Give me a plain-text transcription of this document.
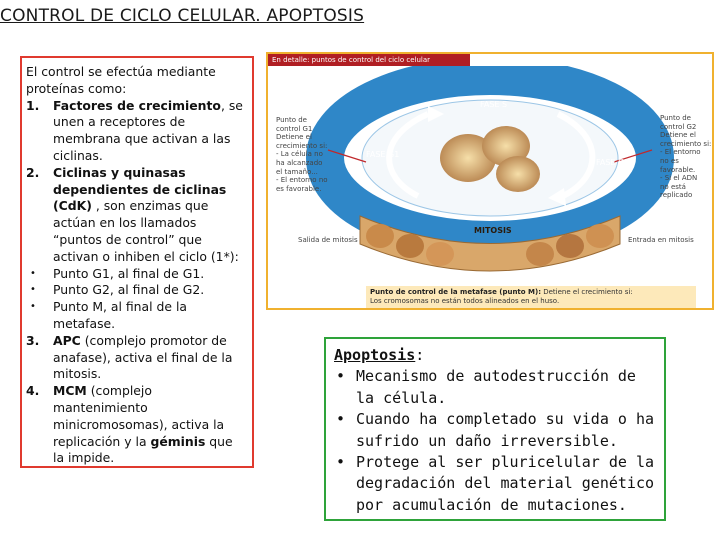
CONTROL DE CICLO CELULAR. APOPTOSIS

El control se efectúa mediante proteínas como:

1. Factores de crecimiento, se unen a receptores de membrana que activan a las ciclinas.
2. Ciclinas y quinasas dependientes de ciclinas (CdK) , son enzimas que actúan en los llamados “puntos de control” que activan o inhiben el ciclo (1*):
• Punto G1, al final de G1.
• Punto G2, al final de G2.
• Punto M, al final de la metafase.
3. APC (complejo promotor de anafase), activa el final de la mitosis.
4. MCM (complejo mantenimiento minicromosomas), activa la replicación y la géminis que la impide.
En detalle: puntos de control del ciclo celular
FASE S
FASE G1
FASE G2
MITOSIS
Punto de
control G1
Detiene el
crecimiento si:
- La célula no
ha alcanzado
el tamaño...
- El entorno no
es favorable.
Punto de
control G2
Detiene el
crecimiento si:
- El entorno
no es
favorable.
- Si el ADN
no está
replicado
Salida de mitosis	Entrada en mitosis
Punto de control de la metafase (punto M): Detiene el crecimiento si:
Los cromosomas no están todos alineados en el huso.
Apoptosis:
• Mecanismo de autodestrucción de la célula.
• Cuando ha completado su vida o ha sufrido un daño irreversible.
• Protege al ser pluricelular de la degradación del material genético por acumulación de mutaciones.
